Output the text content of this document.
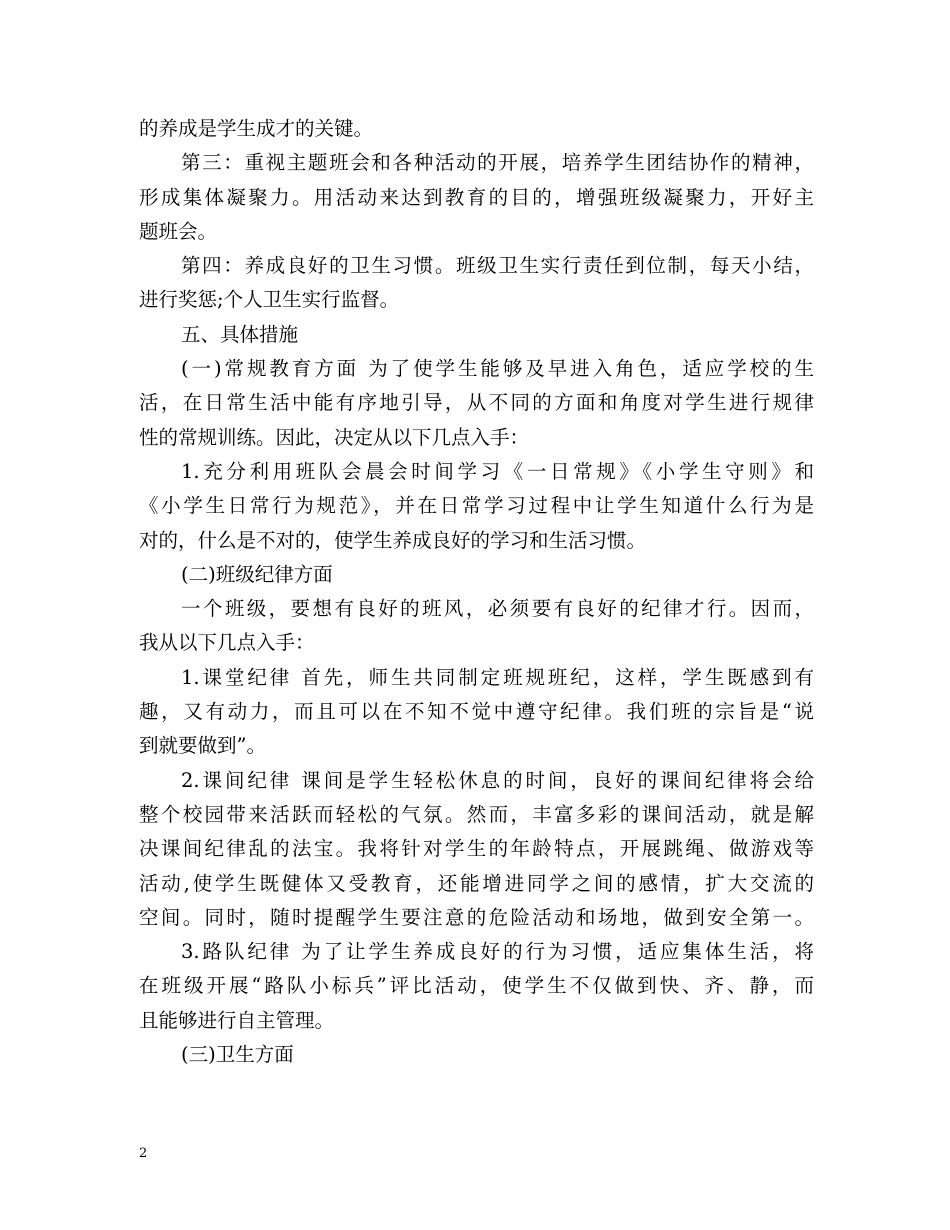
的养成是学生成才的关键。
第三：重视主题班会和各种活动的开展，培养学生团结协作的精神，
形成集体凝聚力。用活动来达到教育的目的，增强班级凝聚力，开好主
题班会。
第四：养成良好的卫生习惯。班级卫生实行责任到位制，每天小结，
进行奖惩;个人卫生实行监督。
五、具体措施
(一)常规教育方面 为了使学生能够及早进入角色，适应学校的生
活，在日常生活中能有序地引导，从不同的方面和角度对学生进行规律
性的常规训练。因此，决定从以下几点入手：
1.充分利用班队会晨会时间学习《一日常规》《小学生守则》和
《小学生日常行为规范》，并在日常学习过程中让学生知道什么行为是
对的，什么是不对的，使学生养成良好的学习和生活习惯。
(二)班级纪律方面
一个班级，要想有良好的班风，必须要有良好的纪律才行。因而，
我从以下几点入手：
1.课堂纪律 首先，师生共同制定班规班纪，这样，学生既感到有
趣，又有动力，而且可以在不知不觉中遵守纪律。我们班的宗旨是“说
到就要做到”。
2.课间纪律 课间是学生轻松休息的时间，良好的课间纪律将会给
整个校园带来活跃而轻松的气氛。然而，丰富多彩的课间活动，就是解
决课间纪律乱的法宝。我将针对学生的年龄特点，开展跳绳、做游戏等
活动,使学生既健体又受教育，还能增进同学之间的感情，扩大交流的
空间。同时，随时提醒学生要注意的危险活动和场地，做到安全第一。
3.路队纪律 为了让学生养成良好的行为习惯，适应集体生活，将
在班级开展“路队小标兵”评比活动，使学生不仅做到快、齐、静，而
且能够进行自主管理。
(三)卫生方面
2
